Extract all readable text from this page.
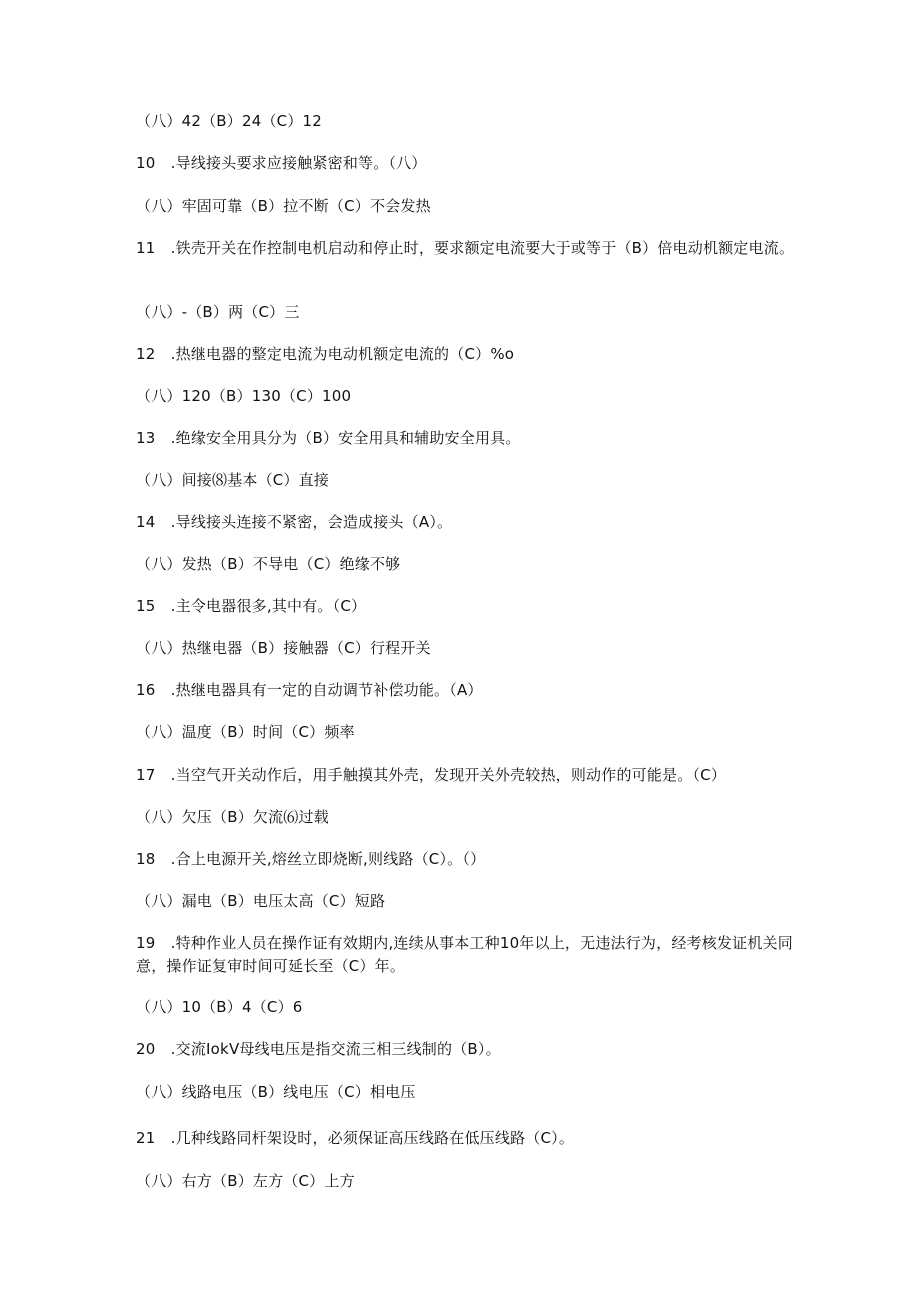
（八）42（B）24（C）12
10　.导线接头要求应接触紧密和等。（八）
（八）牢固可靠（B）拉不断（C）不会发热
11　.铁壳开关在作控制电机启动和停止时，要求额定电流要大于或等于（B）倍电动机额定电流。
（八）-（B）两（C）三
12　.热继电器的整定电流为电动机额定电流的（C）%o
（八）120（B）130（C）100
13　.绝缘安全用具分为（B）安全用具和辅助安全用具。
（八）间接⑻基本（C）直接
14　.导线接头连接不紧密，会造成接头（A）。
（八）发热（B）不导电（C）绝缘不够
15　.主令电器很多,其中有。（C）
（八）热继电器（B）接触器（C）行程开关
16　.热继电器具有一定的自动调节补偿功能。（A）
（八）温度（B）时间（C）频率
17　.当空气开关动作后，用手触摸其外壳，发现开关外壳较热，则动作的可能是。（C）
（八）欠压（B）欠流⑹过载
18　.合上电源开关,熔丝立即烧断,则线路（C）。（）
（八）漏电（B）电压太高（C）短路
19　.特种作业人员在操作证有效期内,连续从事本工种10年以上，无违法行为，经考核发证机关同意，操作证复审时间可延长至（C）年。
（八）10（B）4（C）6
20　.交流IokV母线电压是指交流三相三线制的（B）。
（八）线路电压（B）线电压（C）相电压
21　.几种线路同杆架设时，必须保证高压线路在低压线路（C）。
（八）右方（B）左方（C）上方
